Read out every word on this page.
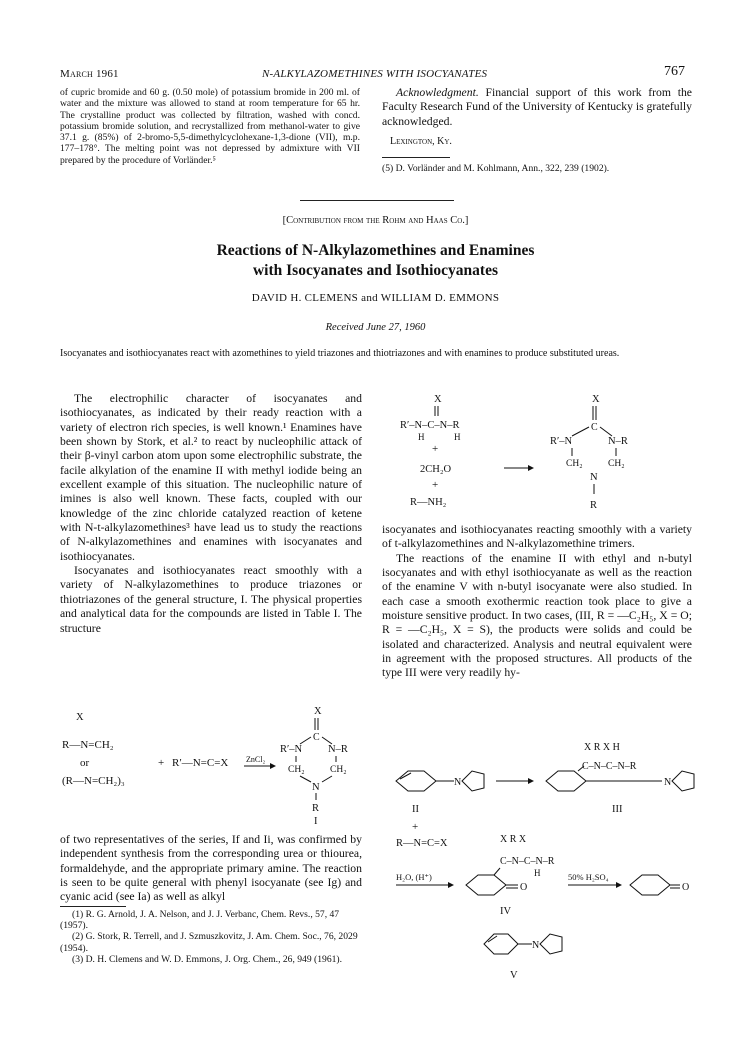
March 1961	N-ALKYLAZOMETHINES WITH ISOCYANATES	767
of cupric bromide and 60 g. (0.50 mole) of potassium bromide in 200 ml. of water and the mixture was allowed to stand at room temperature for 65 hr. The crystalline product was collected by filtration, washed with concd. potassium bromide solution, and recrystallized from methanol-water to give 37.1 g. (85%) of 2-bromo-5,5-dimethylcyclohexane-1,3-dione (VII), m.p. 177–178°. The melting point was not depressed by admixture with VII prepared by the procedure of Vorländer.⁵
Acknowledgment. Financial support of this work from the Faculty Research Fund of the University of Kentucky is gratefully acknowledged.
Lexington, Ky.
(5) D. Vorländer and M. Kohlmann, Ann., 322, 239 (1902).
[Contribution from the Rohm and Haas Co.]
Reactions of N-Alkylazomethines and Enamines
with Isocyanates and Isothiocyanates
DAVID H. CLEMENS and WILLIAM D. EMMONS
Received June 27, 1960
Isocyanates and isothiocyanates react with azomethines to yield triazones and thiotriazones and with enamines to produce substituted ureas.

The electrophilic character of isocyanates and isothiocyanates, as indicated by their ready reaction with a variety of electron rich species, is well known.¹ Enamines have been shown by Stork, et al.² to react by nucleophilic attack of their β-vinyl carbon atom upon some electrophilic substrate, the facile alkylation of the enamine II with methyl iodide being an excellent example of this situation. The nucleophilic nature of imines is also well known. These facts, coupled with our knowledge of the zinc chloride catalyzed reaction of ketene with N-t-alkylazomethines³ have lead us to study the reactions of N-alkylazomethines and enamines with isocyanates and isothiocyanates.

Isocyanates and isothiocyanates react smoothly with a variety of N-alkylazomethines to produce triazones or thiotriazones of the general structure, I. The physical properties and analytical data for the compounds are listed in Table I. The structure

X
R—N=CH₂
or
(R—N=CH₂)₃
+ R′—N=C=X ZnCl₂
X
C
R′–N N–R
CH₂	CH₂
N
R
I
of two representatives of the series, If and Ii, was confirmed by independent synthesis from the corresponding urea or thiourea, formaldehyde, and the appropriate primary amine. The reaction is seen to be quite general with phenyl isocyanate (see Ig) and cyanic acid (see Ia) as well as alkyl

(1) R. G. Arnold, J. A. Nelson, and J. J. Verbanc, Chem. Revs., 57, 47 (1957).

(2) G. Stork, R. Terrell, and J. Szmuszkovitz, J. Am. Chem. Soc., 76, 2029 (1954).

(3) D. H. Clemens and W. D. Emmons, J. Org. Chem., 26, 949 (1961).

X
R′–N–C–N–R
H	H
+
2CH₂O
+
R—NH₂
X
C
R′–N	N–R
CH₂	CH₂
N
R

isocyanates and isothiocyanates reacting smoothly with a variety of t-alkylazomethines and N-alkylazomethine trimers.

The reactions of the enamine II with ethyl and n-butyl isocyanates and with ethyl isothiocyanate as well as the reaction of the enamine V with n-butyl isocyanate were also studied. In each case a smooth exothermic reaction took place to give a moisture sensitive product. In two cases, (III, R = —C₂H₅, X = O; R = —C₂H₅, X = S), the products were solids and could be isolated and characterized. Analysis and neutral equivalent were in agreement with the proposed structures. All products of the type III were very readily hy-

N
II
X R X H
C–N–C–N–R
N
III
+
R—N=C=X	X R X
C–N–C–N–R
H
H₂O, (H⁺)
O
IV
50% H₂SO₄
O
N
V
